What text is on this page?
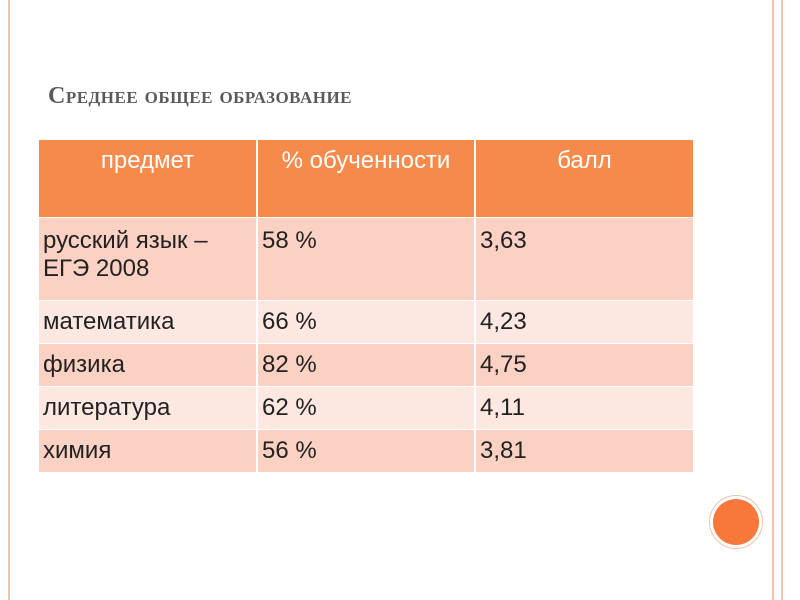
Среднее общее образование
предмет	% обученности	балл
русский язык – ЕГЭ 2008	58 %	3,63
математика	66 %	4,23
физика	82 %	4,75
литература	62 %	4,11
химия	56 %	3,81
